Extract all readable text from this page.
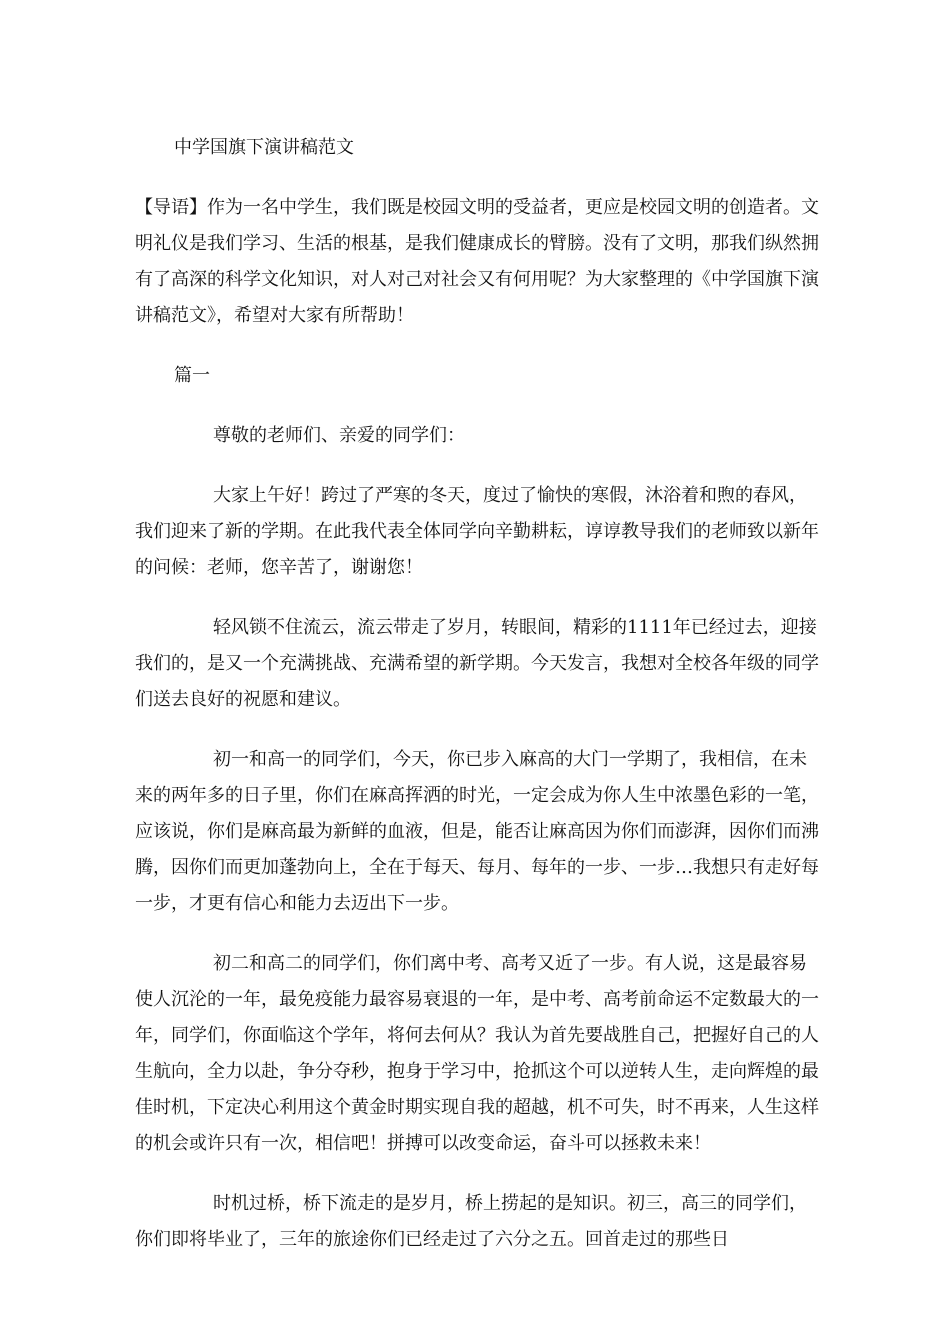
中学国旗下演讲稿范文

【导语】作为一名中学生，我们既是校园文明的受益者，更应是校园文明的创造者。文明礼仪是我们学习、生活的根基，是我们健康成长的臂膀。没有了文明，那我们纵然拥有了高深的科学文化知识，对人对己对社会又有何用呢？为大家整理的《中学国旗下演讲稿范文》，希望对大家有所帮助！

篇一

尊敬的老师们、亲爱的同学们：

大家上午好！跨过了严寒的冬天，度过了愉快的寒假，沐浴着和煦的春风，我们迎来了新的学期。在此我代表全体同学向辛勤耕耘，谆谆教导我们的老师致以新年的问候：老师，您辛苦了，谢谢您！

轻风锁不住流云，流云带走了岁月，转眼间，精彩的1111年已经过去，迎接我们的，是又一个充满挑战、充满希望的新学期。今天发言，我想对全校各年级的同学们送去良好的祝愿和建议。

初一和高一的同学们，今天，你已步入麻高的大门一学期了，我相信，在未来的两年多的日子里，你们在麻高挥洒的时光，一定会成为你人生中浓墨色彩的一笔，应该说，你们是麻高最为新鲜的血液，但是，能否让麻高因为你们而澎湃，因你们而沸腾，因你们而更加蓬勃向上，全在于每天、每月、每年的一步、一步…我想只有走好每一步，才更有信心和能力去迈出下一步。

初二和高二的同学们，你们离中考、高考又近了一步。有人说，这是最容易使人沉沦的一年，最免疫能力最容易衰退的一年，是中考、高考前命运不定数最大的一年，同学们，你面临这个学年，将何去何从？我认为首先要战胜自己，把握好自己的人生航向，全力以赴，争分夺秒，抱身于学习中，抢抓这个可以逆转人生，走向辉煌的最佳时机，下定决心利用这个黄金时期实现自我的超越，机不可失，时不再来，人生这样的机会或许只有一次，相信吧！拼搏可以改变命运，奋斗可以拯救未来！

时机过桥，桥下流走的是岁月，桥上捞起的是知识。初三，高三的同学们，你们即将毕业了，三年的旅途你们已经走过了六分之五。回首走过的那些日
